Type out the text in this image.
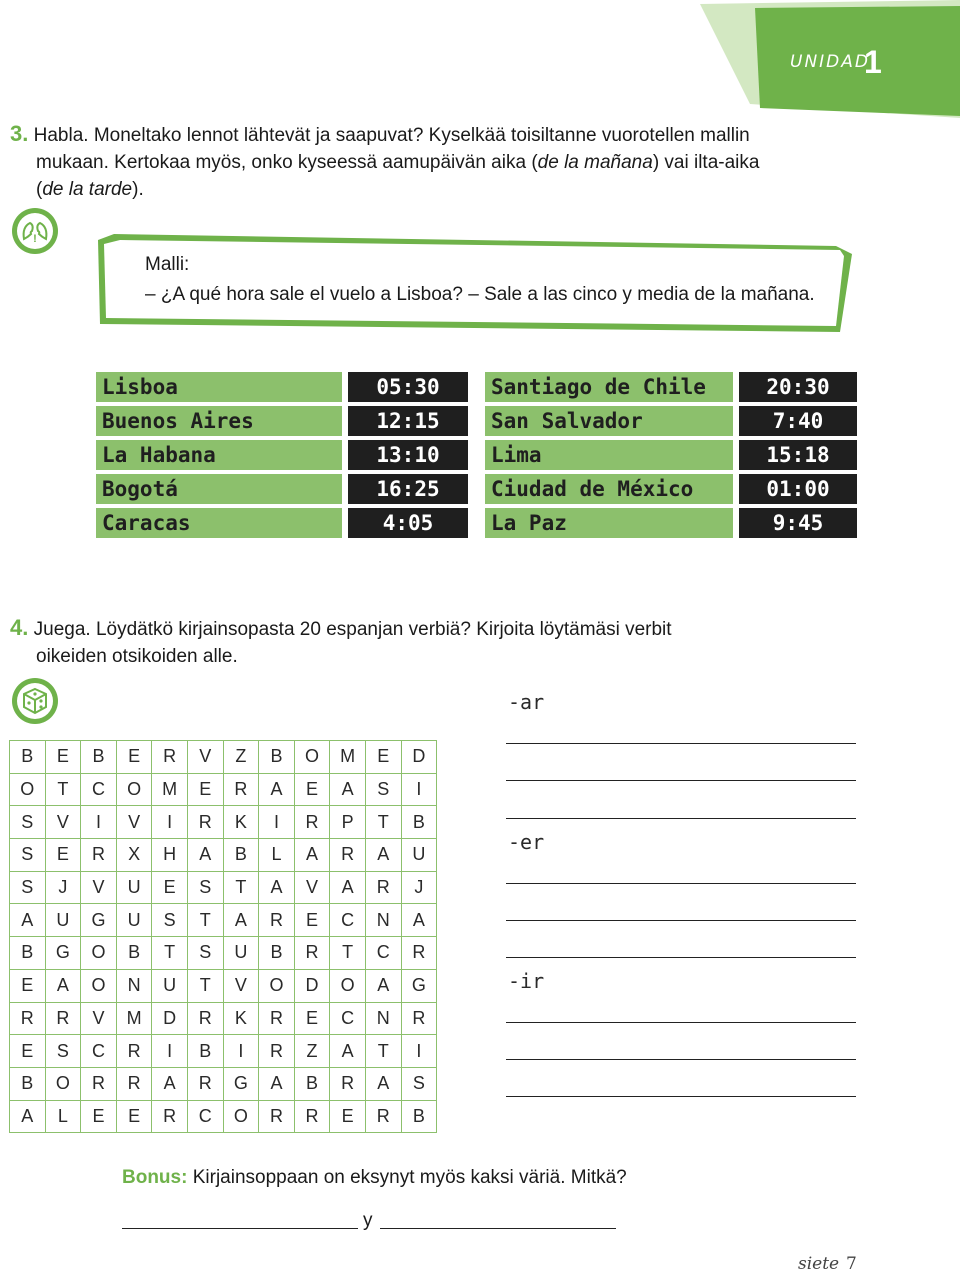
UNIDAD
1
3. Habla. Moneltako lennot lähtevät ja saapuvat? Kyselkää toisiltanne vuorotellen mallin
mukaan. Kertokaa myös, onko kyseessä aamupäivän aika (de la mañana) vai ilta-aika
(de la tarde).
!
Malli:
– ¿A qué hora sale el vuelo a Lisboa? – Sale a las cinco y media de la mañana.
Lisboa		05:30
Buenos Aires		12:15
La Habana		13:10
Bogotá		16:25
Caracas		4:05
Santiago de Chile		20:30
San Salvador		7:40
Lima		15:18
Ciudad de México		01:00
La Paz		9:45
4. Juega. Löydätkö kirjainsopasta 20 espanjan verbiä? Kirjoita löytämäsi verbit
oikeiden otsikoiden alle.
B	E	B	E	R	V	Z	B	O	M	E	D
O	T	C	O	M	E	R	A	E	A	S	I
S	V	I	V	I	R	K	I	R	P	T	B
S	E	R	X	H	A	B	L	A	R	A	U
S	J	V	U	E	S	T	A	V	A	R	J
A	U	G	U	S	T	A	R	E	C	N	A
B	G	O	B	T	S	U	B	R	T	C	R
E	A	O	N	U	T	V	O	D	O	A	G
R	R	V	M	D	R	K	R	E	C	N	R
E	S	C	R	I	B	I	R	Z	A	T	I
B	O	R	R	A	R	G	A	B	R	A	S
A	L	E	E	R	C	O	R	R	E	R	B
-ar
-er
-ir
Bonus: Kirjainsoppaan on eksynyt myös kaksi väriä. Mitkä?
y
siete 7
